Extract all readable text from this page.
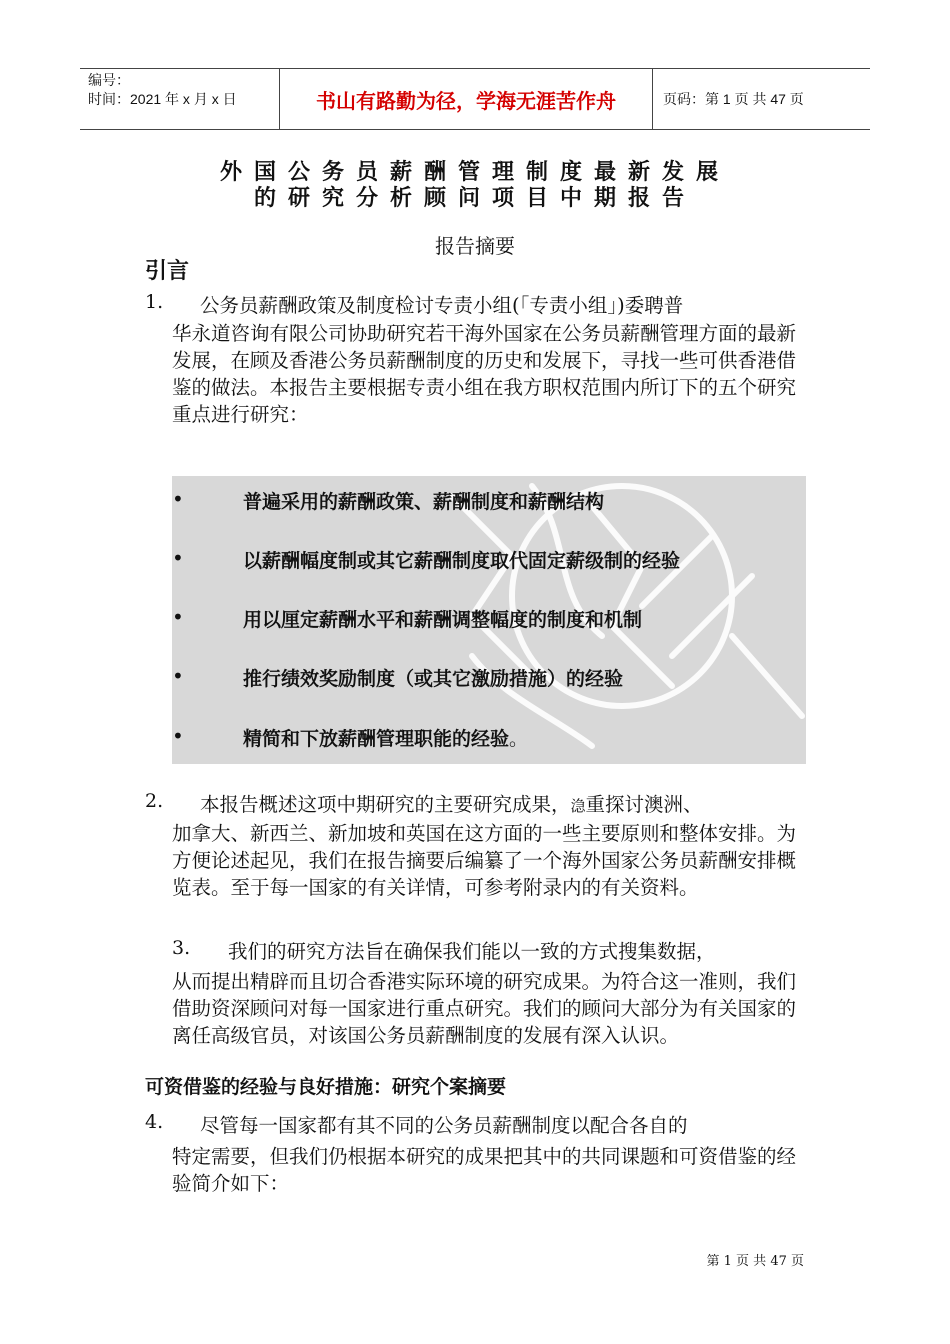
编号：
时间：2021 年 x 月 x 日	书山有路勤为径，学海无涯苦作舟	页码：第 1 页 共 47 页
外国公务员薪酬管理制度最新发展
的研究分析顾问项目中期报告
报告摘要
引言
1. 公务员薪酬政策及制度检讨专责小组(「专责小组」)委聘普
华永道咨询有限公司协助研究若干海外国家在公务员薪酬管理方面的最新发展，在顾及香港公务员薪酬制度的历史和发展下，寻找一些可供香港借鉴的做法。本报告主要根据专责小组在我方职权范围内所订下的五个研究重点进行研究：
•	普遍采用的薪酬政策、薪酬制度和薪酬结构
•	以薪酬幅度制或其它薪酬制度取代固定薪级制的经验
•	用以厘定薪酬水平和薪酬调整幅度的制度和机制
•	推行绩效奖励制度（或其它激励措施）的经验
•	精简和下放薪酬管理职能的经验。
2. 本报告概述这项中期研究的主要研究成果，㴔重探讨澳洲、
加拿大、新西兰、新加坡和英国在这方面的一些主要原则和整体安排。为方便论述起见，我们在报告摘要后编纂了一个海外国家公务员薪酬安排概览表。至于每一国家的有关详情，可参考附录内的有关资料。
3. 我们的研究方法旨在确保我们能以一致的方式搜集数据，
从而提出精辟而且切合香港实际环境的研究成果。为符合这一准则，我们借助资深顾问对每一国家进行重点研究。我们的顾问大部分为有关国家的离任高级官员，对该国公务员薪酬制度的发展有深入认识。
可资借鉴的经验与良好措施：研究个案摘要
4. 尽管每一国家都有其不同的公务员薪酬制度以配合各自的
特定需要，但我们仍根据本研究的成果把其中的共同课题和可资借鉴的经验简介如下：
第 1 页 共 47 页
